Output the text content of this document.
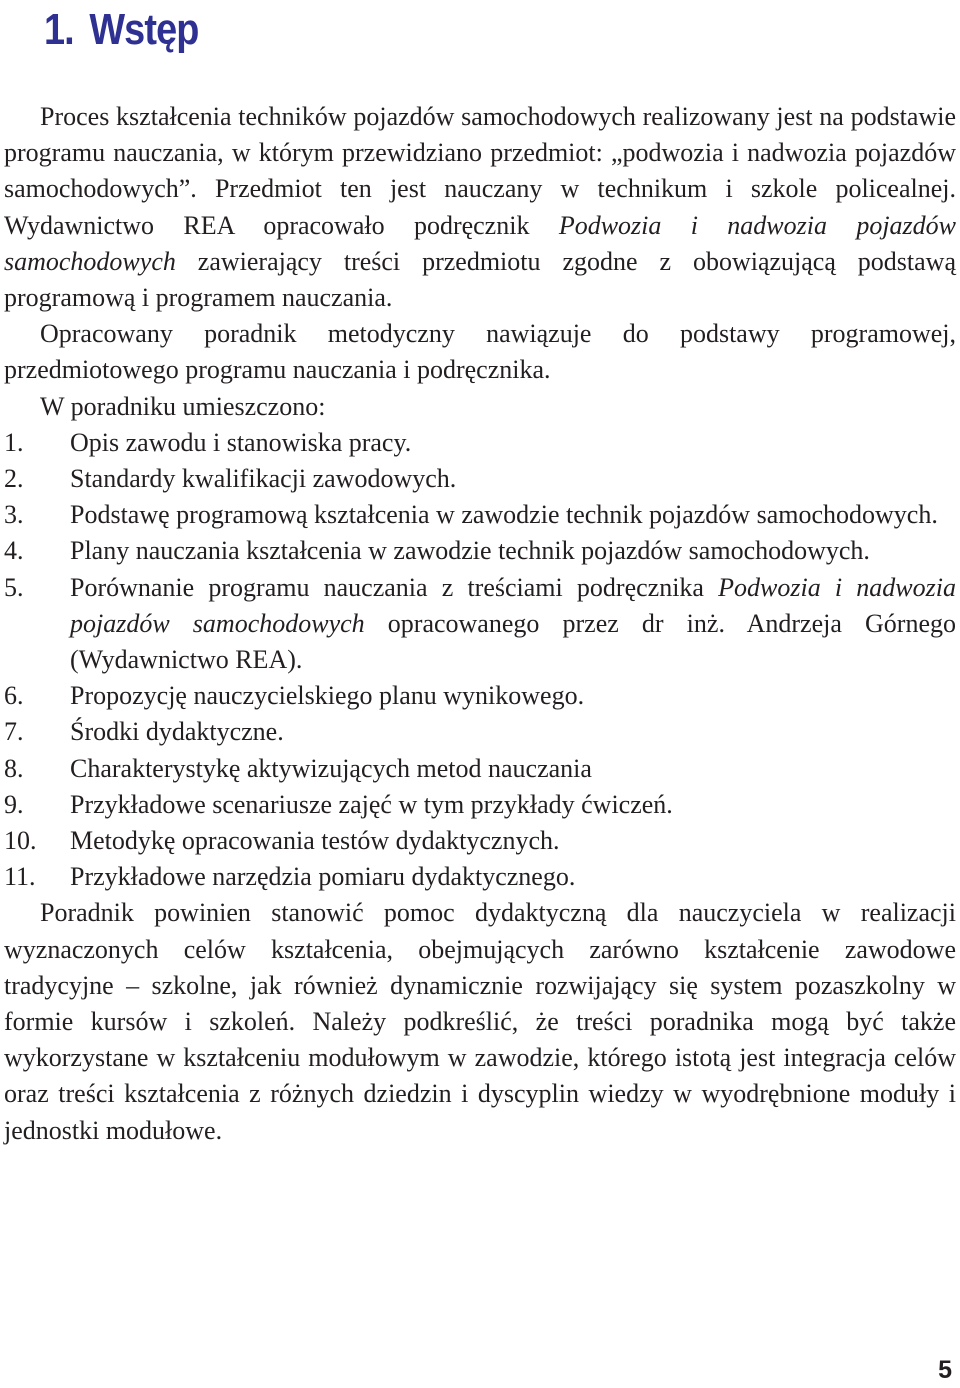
1. Wstęp

Proces kształcenia techników pojazdów samochodowych realizowany jest na podstawie programu nauczania, w którym przewidziano przedmiot: „podwozia i nadwozia pojazdów samochodowych”. Przedmiot ten jest nauczany w technikum i szkole policealnej. Wydawnictwo REA opracowało podręcznik Podwozia i nadwozia pojazdów samochodowych zawierający treści przedmiotu zgodne z obowiązującą podstawą programową i programem nauczania.

Opracowany poradnik metodyczny nawiązuje do podstawy programowej, przedmiotowego programu nauczania i podręcznika.

W poradniku umieszczono:

1.	Opis zawodu i stanowiska pracy.
2.	Standardy kwalifikacji zawodowych.
3.	Podstawę programową kształcenia w zawodzie technik pojazdów samochodowych.
4.	Plany nauczania kształcenia w zawodzie technik pojazdów samochodowych.
5.	Porównanie programu nauczania z treściami podręcznika Podwozia i nadwozia pojazdów samochodowych opracowanego przez dr inż. Andrzeja Górnego (Wydawnictwo REA).
6.	Propozycję nauczycielskiego planu wynikowego.
7.	Środki dydaktyczne.
8.	Charakterystykę aktywizujących metod nauczania
9.	Przykładowe scenariusze zajęć w tym przykłady ćwiczeń.
10.	Metodykę opracowania testów dydaktycznych.
11.	Przykładowe narzędzia pomiaru dydaktycznego.

Poradnik powinien stanowić pomoc dydaktyczną dla nauczyciela w realizacji wyznaczonych celów kształcenia, obejmujących zarówno kształcenie zawodowe tradycyjne – szkolne, jak również dynamicznie rozwijający się system pozaszkolny w formie kursów i szkoleń. Należy podkreślić, że treści poradnika mogą być także wykorzystane w kształceniu modułowym w zawodzie, którego istotą jest integracja celów oraz treści kształcenia z różnych dziedzin i dyscyplin wiedzy w wyodrębnione moduły i jednostki modułowe.

5
